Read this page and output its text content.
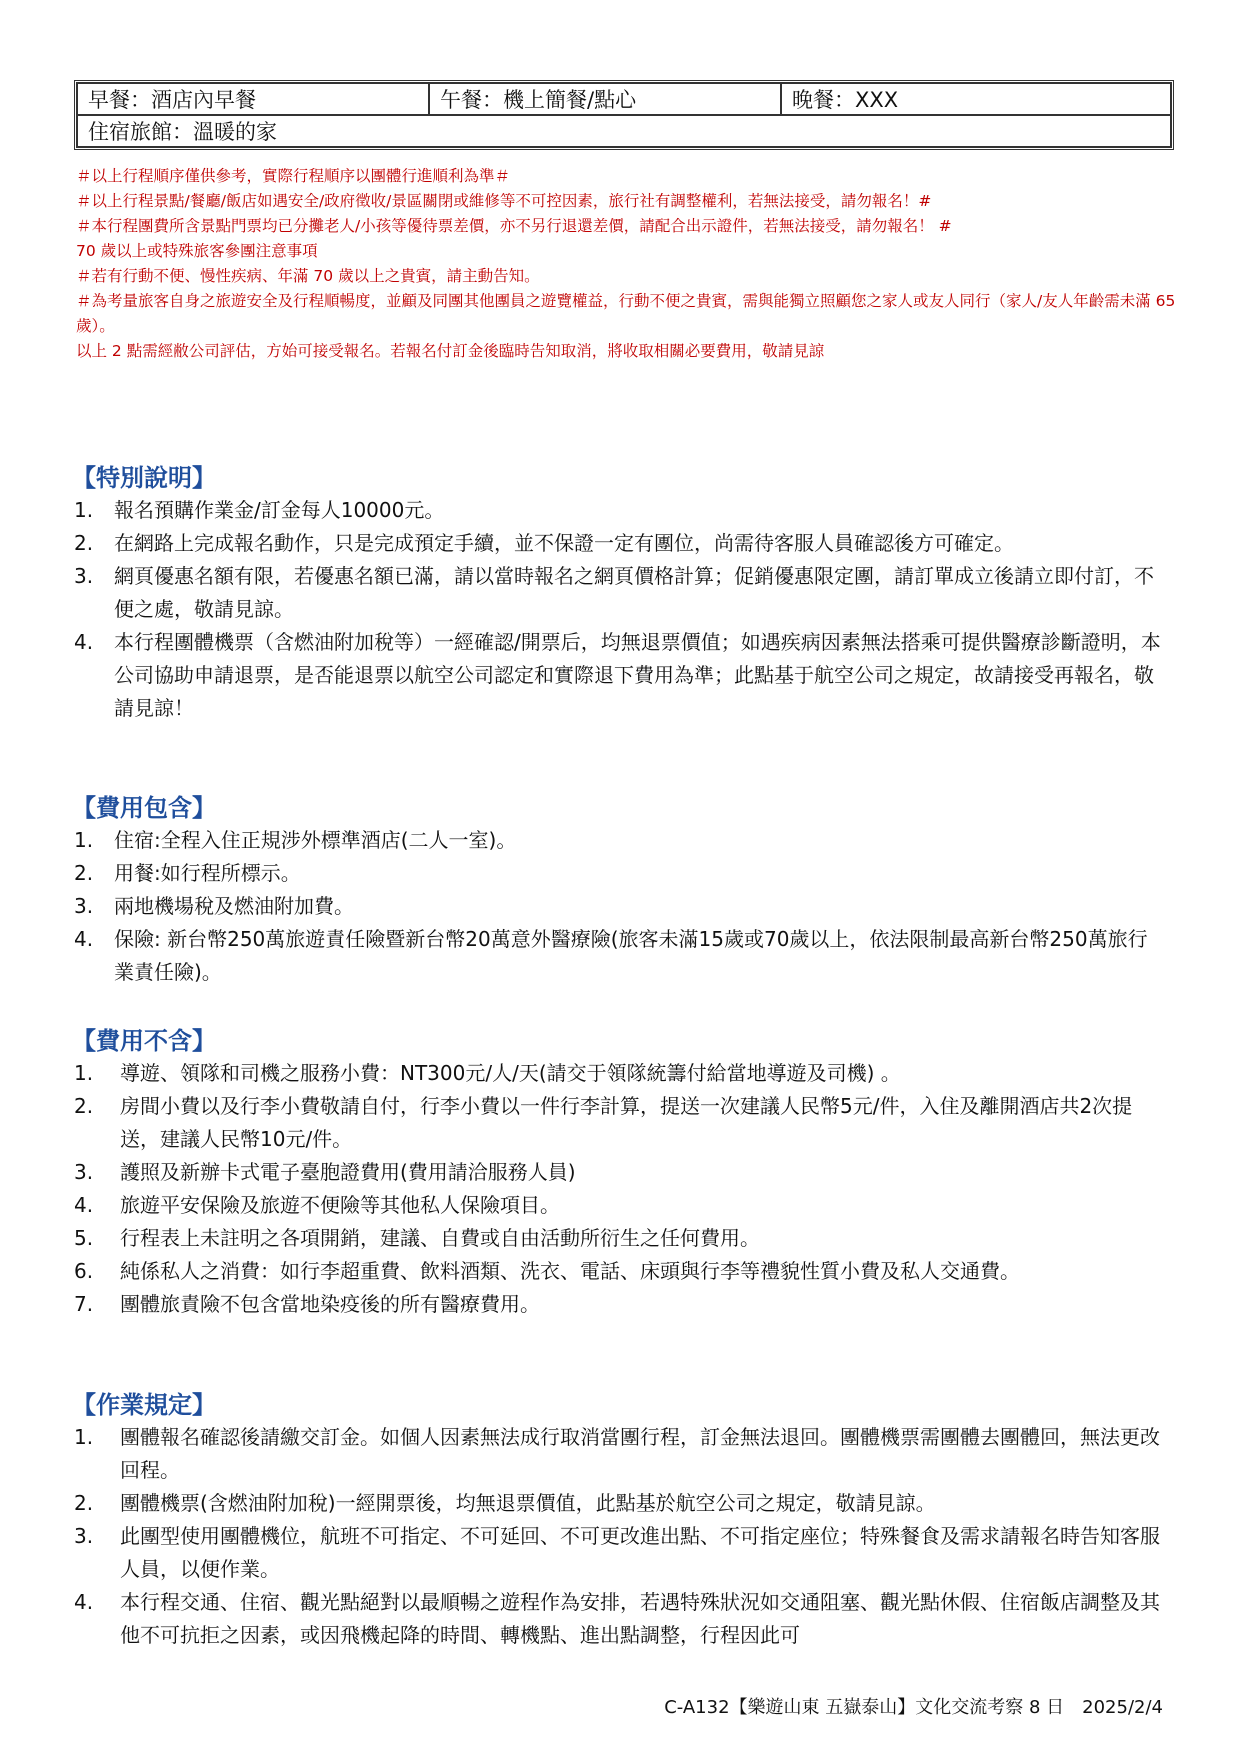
早餐：酒店內早餐	午餐：機上簡餐/點心	晚餐：XXX
住宿旅館：溫暖的家
＃以上行程順序僅供參考，實際行程順序以團體行進順利為準＃
＃以上行程景點/餐廳/飯店如遇安全/政府徵收/景區關閉或維修等不可控因素，旅行社有調整權利，若無法接受，請勿報名！#
＃本行程團費所含景點門票均已分攤老人/小孩等優待票差價，亦不另行退還差價，請配合出示證件，若無法接受，請勿報名！ #
70 歲以上或特殊旅客參團注意事項
＃若有行動不便、慢性疾病、年滿 70 歲以上之貴賓，請主動告知。
＃為考量旅客自身之旅遊安全及行程順暢度，並顧及同團其他團員之遊覽權益，行動不便之貴賓，需與能獨立照顧您之家人或友人同行（家人/友人年齡需未滿 65 歲）。
以上 2 點需經敝公司評估，方始可接受報名。若報名付訂金後臨時告知取消，將收取相關必要費用，敬請見諒
【特別說明】
1. 報名預購作業金/訂金每人10000元。
2. 在網路上完成報名動作，只是完成預定手續，並不保證一定有團位，尚需待客服人員確認後方可確定。
3. 網頁優惠名額有限，若優惠名額已滿，請以當時報名之網頁價格計算；促銷優惠限定團，請訂單成立後請立即付訂，不便之處，敬請見諒。
4. 本行程團體機票（含燃油附加稅等）一經確認/開票后，均無退票價值；如遇疾病因素無法搭乘可提供醫療診斷證明，本公司協助申請退票，是否能退票以航空公司認定和實際退下費用為準；此點基于航空公司之規定，故請接受再報名，敬請見諒！
【費用包含】
1. 住宿:全程入住正規涉外標準酒店(二人一室)。
2. 用餐:如行程所標示。
3. 兩地機場稅及燃油附加費。
4. 保險: 新台幣250萬旅遊責任險暨新台幣20萬意外醫療險(旅客未滿15歲或70歲以上，依法限制最高新台幣250萬旅行業責任險)。
【費用不含】
1. 導遊、領隊和司機之服務小費：NT300元/人/天(請交于領隊統籌付給當地導遊及司機) 。
2. 房間小費以及行李小費敬請自付，行李小費以一件行李計算，提送一次建議人民幣5元/件，入住及離開酒店共2次提送，建議人民幣10元/件。
3. 護照及新辦卡式電子臺胞證費用(費用請洽服務人員)
4. 旅遊平安保險及旅遊不便險等其他私人保險項目。
5. 行程表上未註明之各項開銷，建議、自費或自由活動所衍生之任何費用。
6. 純係私人之消費：如行李超重費、飲料酒類、洗衣、電話、床頭與行李等禮貌性質小費及私人交通費。
7. 團體旅責險不包含當地染疫後的所有醫療費用。
【作業規定】
1. 團體報名確認後請繳交訂金。如個人因素無法成行取消當團行程，訂金無法退回。團體機票需團體去團體回，無法更改回程。
2. 團體機票(含燃油附加稅)一經開票後，均無退票價值，此點基於航空公司之規定，敬請見諒。
3. 此團型使用團體機位，航班不可指定、不可延回、不可更改進出點、不可指定座位；特殊餐食及需求請報名時告知客服人員，以便作業。
4. 本行程交通、住宿、觀光點絕對以最順暢之遊程作為安排，若遇特殊狀況如交通阻塞、觀光點休假、住宿飯店調整及其他不可抗拒之因素，或因飛機起降的時間、轉機點、進出點調整，行程因此可
C-A132【樂遊山東 五嶽泰山】文化交流考察 8 日　2025/2/4
